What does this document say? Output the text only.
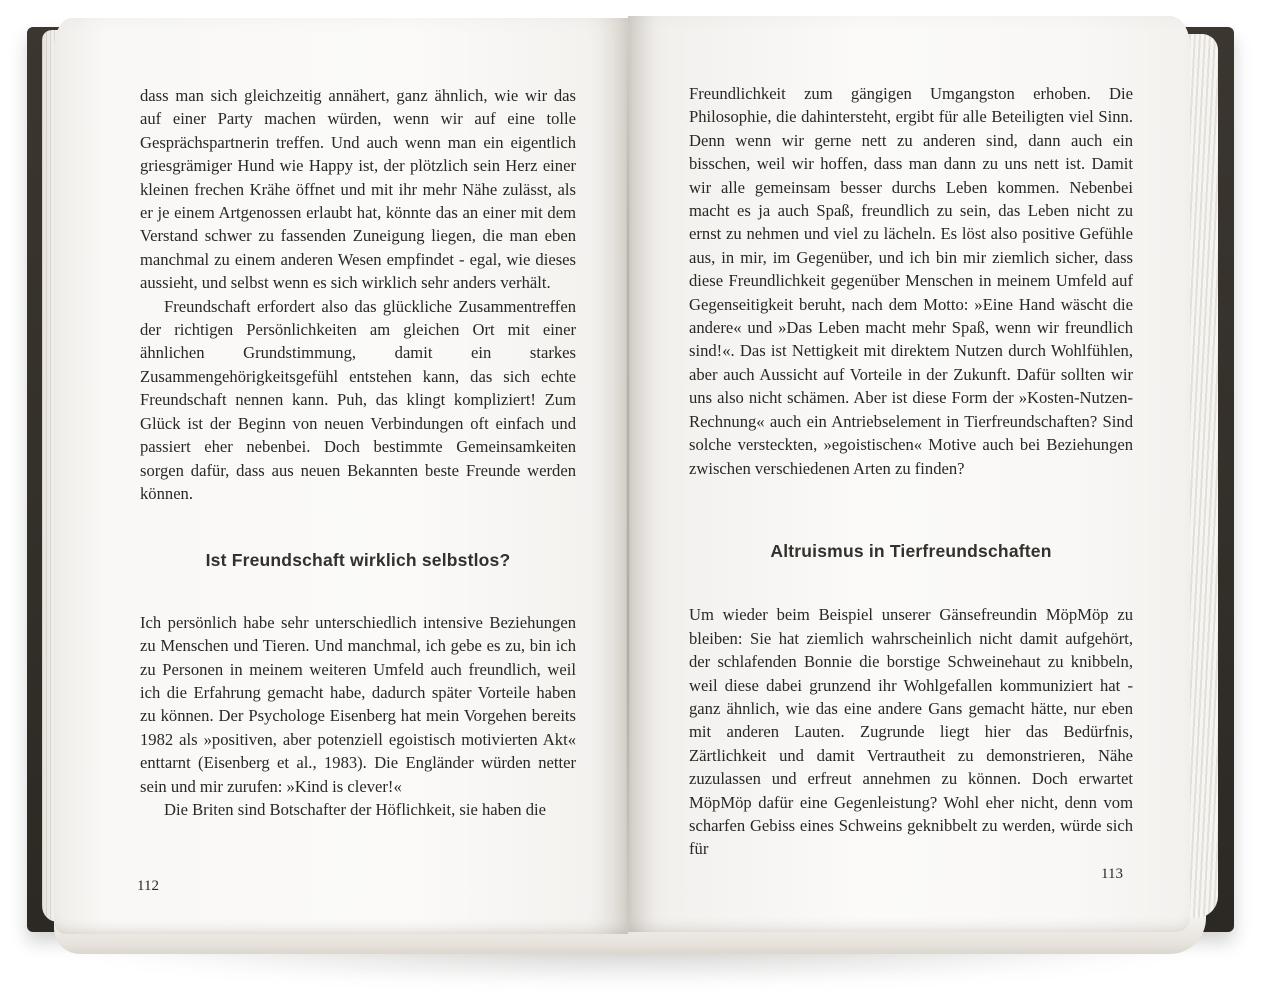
dass man sich gleichzeitig annähert, ganz ähnlich, wie wir das auf einer Party machen würden, wenn wir auf eine tolle Gesprächspartnerin treffen. Und auch wenn man ein eigentlich griesgrämiger Hund wie Happy ist, der plötzlich sein Herz einer kleinen frechen Krähe öffnet und mit ihr mehr Nähe zulässt, als er je einem Artgenossen erlaubt hat, könnte das an einer mit dem Verstand schwer zu fassenden Zuneigung liegen, die man eben manchmal zu einem anderen Wesen empfindet - egal, wie dieses aussieht, und selbst wenn es sich wirklich sehr anders verhält.

Freundschaft erfordert also das glückliche Zusammentreffen der richtigen Persönlichkeiten am gleichen Ort mit einer ähnlichen Grundstimmung, damit ein starkes Zusammengehörigkeitsgefühl entstehen kann, das sich echte Freundschaft nennen kann. Puh, das klingt kompliziert! Zum Glück ist der Beginn von neuen Verbindungen oft einfach und passiert eher nebenbei. Doch bestimmte Gemeinsamkeiten sorgen dafür, dass aus neuen Bekannten beste Freunde werden können.

Ist Freundschaft wirklich selbstlos?

Ich persönlich habe sehr unterschiedlich intensive Beziehungen zu Menschen und Tieren. Und manchmal, ich gebe es zu, bin ich zu Personen in meinem weiteren Umfeld auch freundlich, weil ich die Erfahrung gemacht habe, dadurch später Vorteile haben zu können. Der Psychologe Eisenberg hat mein Vorgehen bereits 1982 als »positiven, aber potenziell egoistisch motivierten Akt« enttarnt (Eisenberg et al., 1983). Die Engländer würden netter sein und mir zurufen: »Kind is clever!«

Die Briten sind Botschafter der Höflichkeit, sie haben die

Freundlichkeit zum gängigen Umgangston erhoben. Die Philosophie, die dahintersteht, ergibt für alle Beteiligten viel Sinn. Denn wenn wir gerne nett zu anderen sind, dann auch ein bisschen, weil wir hoffen, dass man dann zu uns nett ist. Damit wir alle gemeinsam besser durchs Leben kommen. Nebenbei macht es ja auch Spaß, freundlich zu sein, das Leben nicht zu ernst zu nehmen und viel zu lächeln. Es löst also positive Gefühle aus, in mir, im Gegenüber, und ich bin mir ziemlich sicher, dass diese Freundlichkeit gegenüber Menschen in meinem Umfeld auf Gegenseitigkeit beruht, nach dem Motto: »Eine Hand wäscht die andere« und »Das Leben macht mehr Spaß, wenn wir freundlich sind!«. Das ist Nettigkeit mit direktem Nutzen durch Wohlfühlen, aber auch Aussicht auf Vorteile in der Zukunft. Dafür sollten wir uns also nicht schämen. Aber ist diese Form der »Kosten-Nutzen-Rechnung« auch ein Antriebselement in Tierfreundschaften? Sind solche versteckten, »egoistischen« Motive auch bei Beziehungen zwischen verschiedenen Arten zu finden?

Altruismus in Tierfreundschaften

Um wieder beim Beispiel unserer Gänsefreundin MöpMöp zu bleiben: Sie hat ziemlich wahrscheinlich nicht damit aufgehört, der schlafenden Bonnie die borstige Schweinehaut zu knibbeln, weil diese dabei grunzend ihr Wohlgefallen kommuniziert hat - ganz ähnlich, wie das eine andere Gans gemacht hätte, nur eben mit anderen Lauten. Zugrunde liegt hier das Bedürfnis, Zärtlichkeit und damit Vertrautheit zu demonstrieren, Nähe zuzulassen und erfreut annehmen zu können. Doch erwartet MöpMöp dafür eine Gegenleistung? Wohl eher nicht, denn vom scharfen Gebiss eines Schweins geknibbelt zu werden, würde sich für

112
113
